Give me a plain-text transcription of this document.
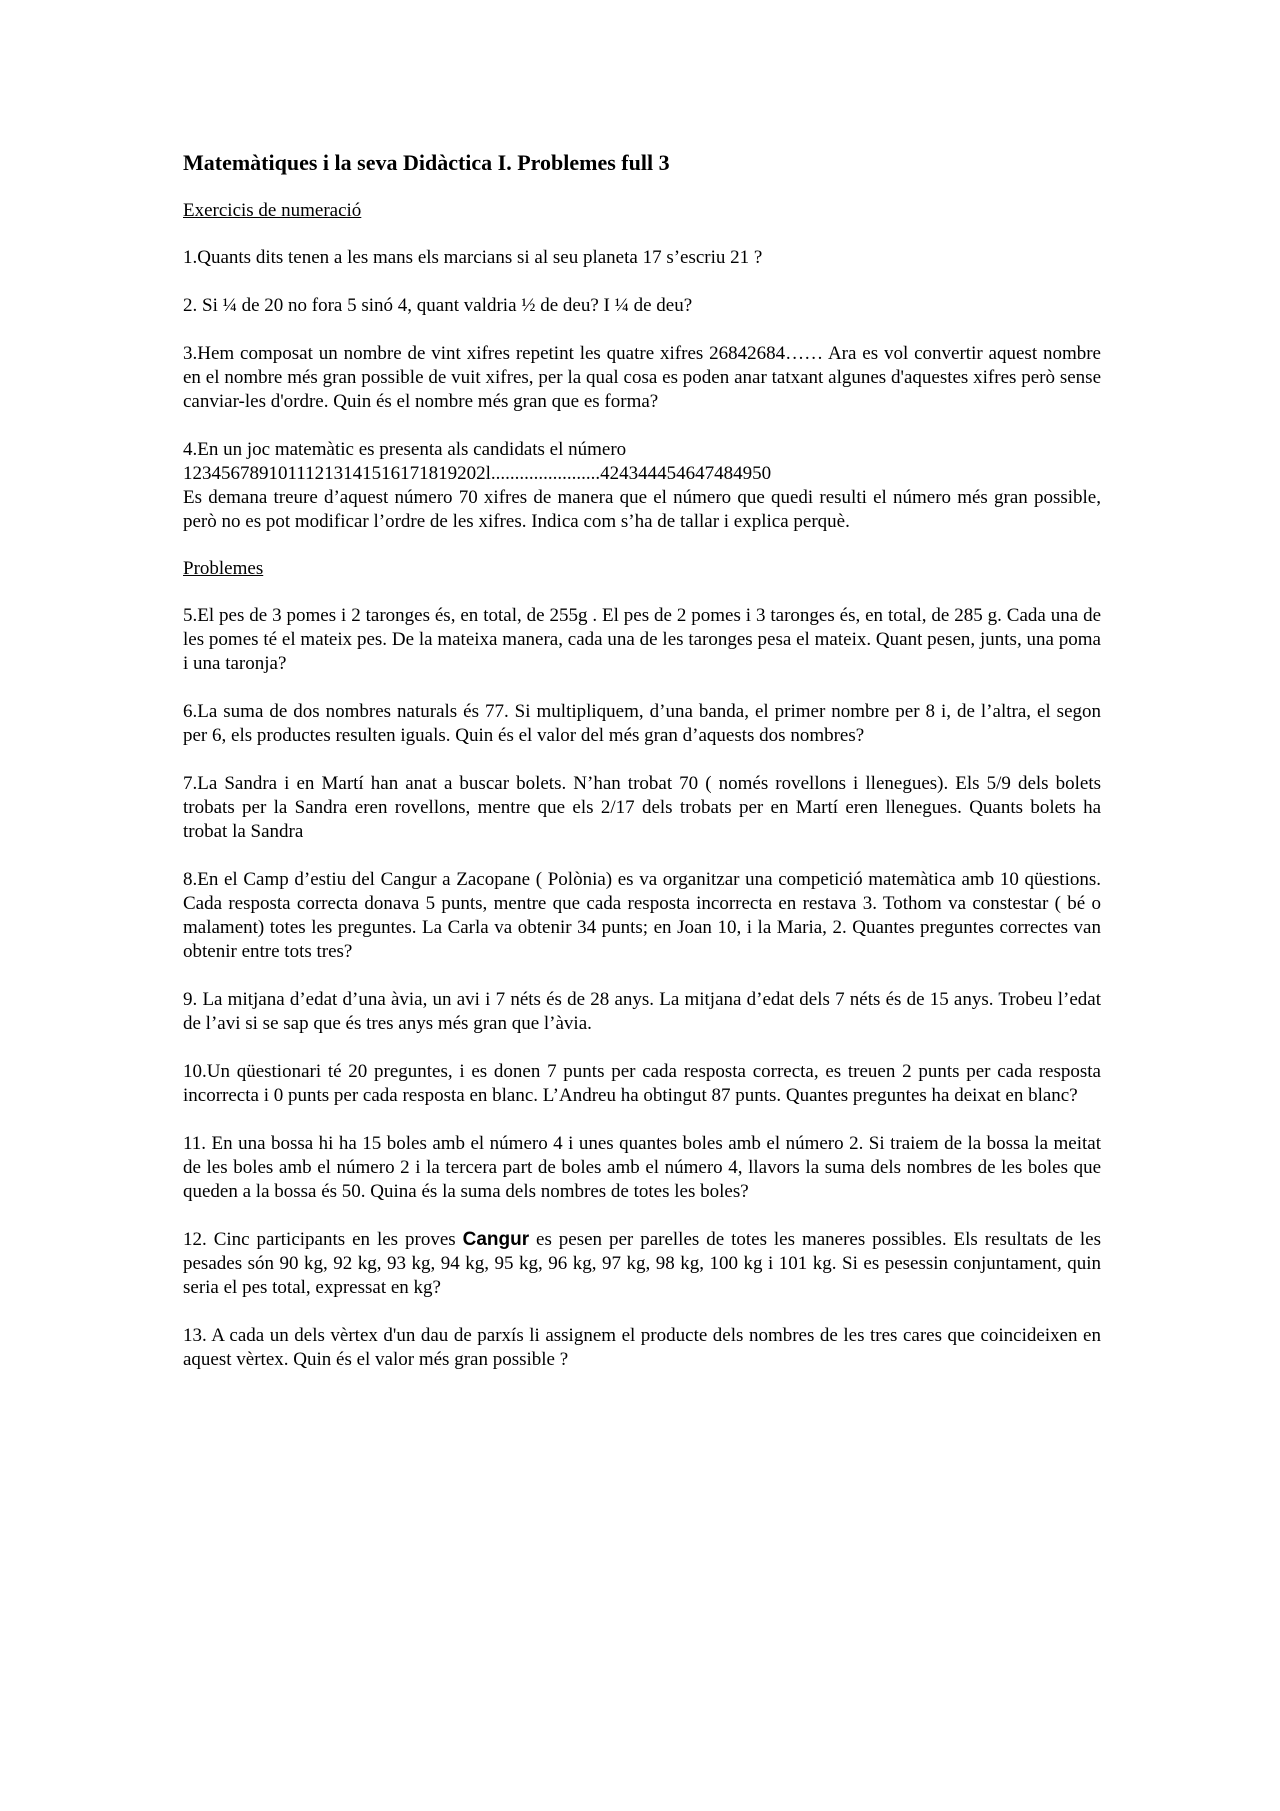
Matemàtiques i la seva Didàctica I. Problemes full 3
Exercicis de numeració

1.Quants dits tenen a les mans els marcians si al seu planeta 17 s’escriu 21 ?

2. Si ¼ de 20 no fora 5 sinó 4, quant valdria ½ de deu? I ¼ de deu?

3.Hem composat un nombre de vint xifres repetint les quatre xifres 26842684…… Ara es vol convertir aquest nombre en el nombre més gran possible de vuit xifres, per la qual cosa es poden anar tatxant algunes d'aquestes xifres però sense canviar-les d'ordre. Quin és el nombre més gran que es forma?

4.En un joc matemàtic es presenta als candidats el número
12345678910111213141516171819202l.......................424344454647484950
Es demana treure d’aquest número 70 xifres de manera que el número que quedi resulti el número més gran possible, però no es pot modificar l’ordre de les xifres. Indica com s’ha de tallar i explica perquè.

Problemes

5.El pes de 3 pomes i 2 taronges és, en total, de 255g . El pes de 2 pomes i 3 taronges és, en total, de 285 g. Cada una de les pomes té el mateix pes. De la mateixa manera, cada una de les taronges pesa el mateix. Quant pesen, junts, una poma i una taronja?

6.La suma de dos nombres naturals és 77. Si multipliquem, d’una banda, el primer nombre per 8 i, de l’altra, el segon per 6, els productes resulten iguals. Quin és el valor del més gran d’aquests dos nombres?

7.La Sandra i en Martí han anat a buscar bolets. N’han trobat 70 ( només rovellons i llenegues). Els 5/9 dels bolets trobats per la Sandra eren rovellons, mentre que els 2/17 dels trobats per en Martí eren llenegues. Quants bolets ha trobat la Sandra

8.En el Camp d’estiu del Cangur a Zacopane ( Polònia) es va organitzar una competició matemàtica amb 10 qüestions. Cada resposta correcta donava 5 punts, mentre que cada resposta incorrecta en restava 3. Tothom va constestar ( bé o malament) totes les preguntes. La Carla va obtenir 34 punts; en Joan 10, i la Maria, 2. Quantes preguntes correctes van obtenir entre tots tres?

9. La mitjana d’edat d’una àvia, un avi i 7 néts és de 28 anys. La mitjana d’edat dels 7 néts és de 15 anys. Trobeu l’edat de l’avi si se sap que és tres anys més gran que l’àvia.

10.Un qüestionari té 20 preguntes, i es donen 7 punts per cada resposta correcta, es treuen 2 punts per cada resposta incorrecta i 0 punts per cada resposta en blanc. L’Andreu ha obtingut 87 punts. Quantes preguntes ha deixat en blanc?

11. En una bossa hi ha 15 boles amb el número 4 i unes quantes boles amb el número 2. Si traiem de la bossa la meitat de les boles amb el número 2 i la tercera part de boles amb el número 4, llavors la suma dels nombres de les boles que queden a la bossa és 50. Quina és la suma dels nombres de totes les boles?

12. Cinc participants en les proves Cangur es pesen per parelles de totes les maneres possibles. Els resultats de les pesades són 90 kg, 92 kg, 93 kg, 94 kg, 95 kg, 96 kg, 97 kg, 98 kg, 100 kg i 101 kg. Si es pesessin conjuntament, quin seria el pes total, expressat en kg?

13. A cada un dels vèrtex d'un dau de parxís li assignem el producte dels nombres de les tres cares que coincideixen en aquest vèrtex. Quin és el valor més gran possible ?
